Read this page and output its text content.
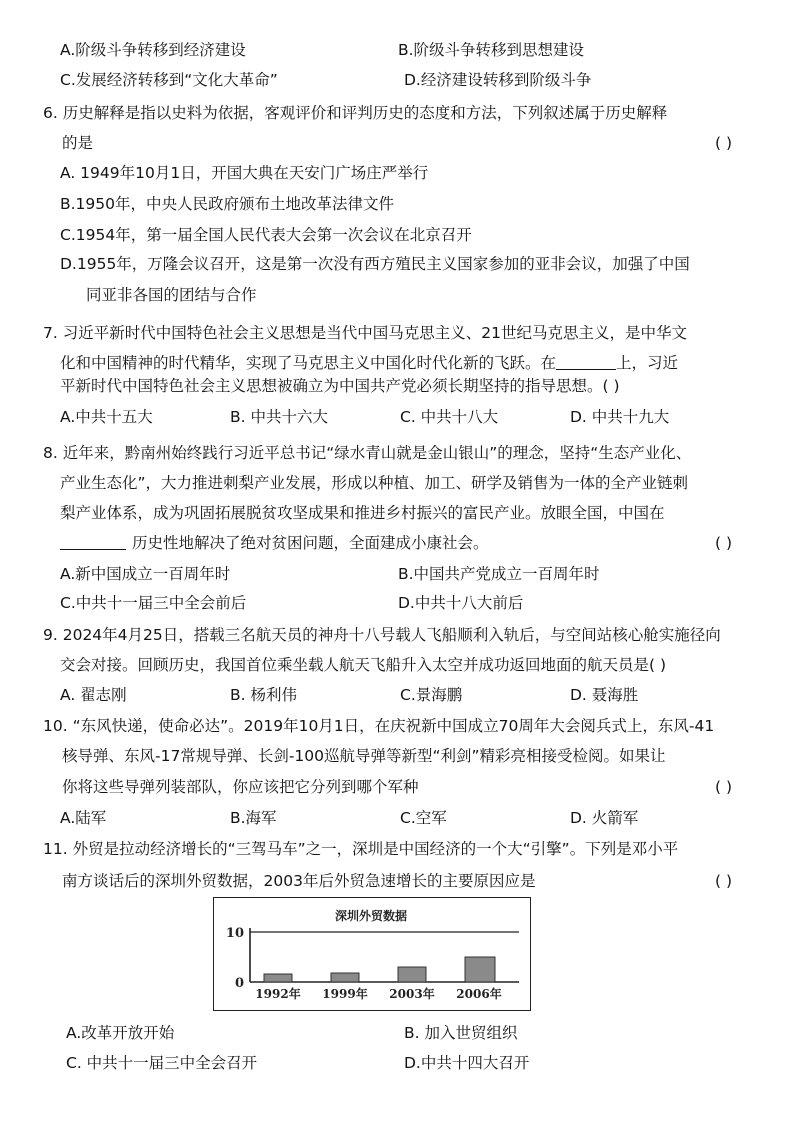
A.阶级斗争转移到经济建设	B.阶级斗争转移到思想建设
C.发展经济转移到“文化大革命”	D.经济建设转移到阶级斗争
6. 历史解释是指以史料为依据，客观评价和评判历史的态度和方法，下列叙述属于历史解释
的是	( )
A. 1949年10月1日，开国大典在天安门广场庄严举行
B.1950年，中央人民政府颁布土地改革法律文件
C.1954年，第一届全国人民代表大会第一次会议在北京召开
D.1955年，万隆会议召开，这是第一次没有西方殖民主义国家参加的亚非会议，加强了中国
同亚非各国的团结与合作
7. 习近平新时代中国特色社会主义思想是当代中国马克思主义、21世纪马克思主义，是中华文
化和中国精神的时代精华，实现了马克思主义中国化时代化新的飞跃。在	上，习近
平新时代中国特色社会主义思想被确立为中国共产党必须长期坚持的指导思想。( )
A.中共十五大	B. 中共十六大	C. 中共十八大	D. 中共十九大
8. 近年来，黔南州始终践行习近平总书记“绿水青山就是金山银山”的理念，坚持“生态产业化、
产业生态化”，大力推进刺梨产业发展，形成以种植、加工、研学及销售为一体的全产业链刺
梨产业体系，成为巩固拓展脱贫攻坚成果和推进乡村振兴的富民产业。放眼全国，中国在
历史性地解决了绝对贫困问题，全面建成小康社会。	( )
A.新中国成立一百周年时	B.中国共产党成立一百周年时
C.中共十一届三中全会前后	D.中共十八大前后
9. 2024年4月25日，搭载三名航天员的神舟十八号载人飞船顺利入轨后，与空间站核心舱实施径向
交会对接。回顾历史，我国首位乘坐载人航天飞船升入太空并成功返回地面的航天员是( )
A. 翟志刚	B. 杨利伟	C.景海鹏	D. 聂海胜
10. “东风快递，使命必达”。2019年10月1日，在庆祝新中国成立70周年大会阅兵式上，东风-41
核导弹、东风-17常规导弹、长剑-100巡航导弹等新型“利剑”精彩亮相接受检阅。如果让
你将这些导弹列装部队，你应该把它分列到哪个军种	( )
A.陆军	B.海军	C.空军	D. 火箭军
11. 外贸是拉动经济增长的“三驾马车”之一，深圳是中国经济的一个大“引擎”。下列是邓小平
南方谈话后的深圳外贸数据，2003年后外贸急速增长的主要原因应是	( )
深圳外贸数据
10
0
1992年 1999年 2003年 2006年
A.改革开放开始	B. 加入世贸组织
C. 中共十一届三中全会召开	D.中共十四大召开
